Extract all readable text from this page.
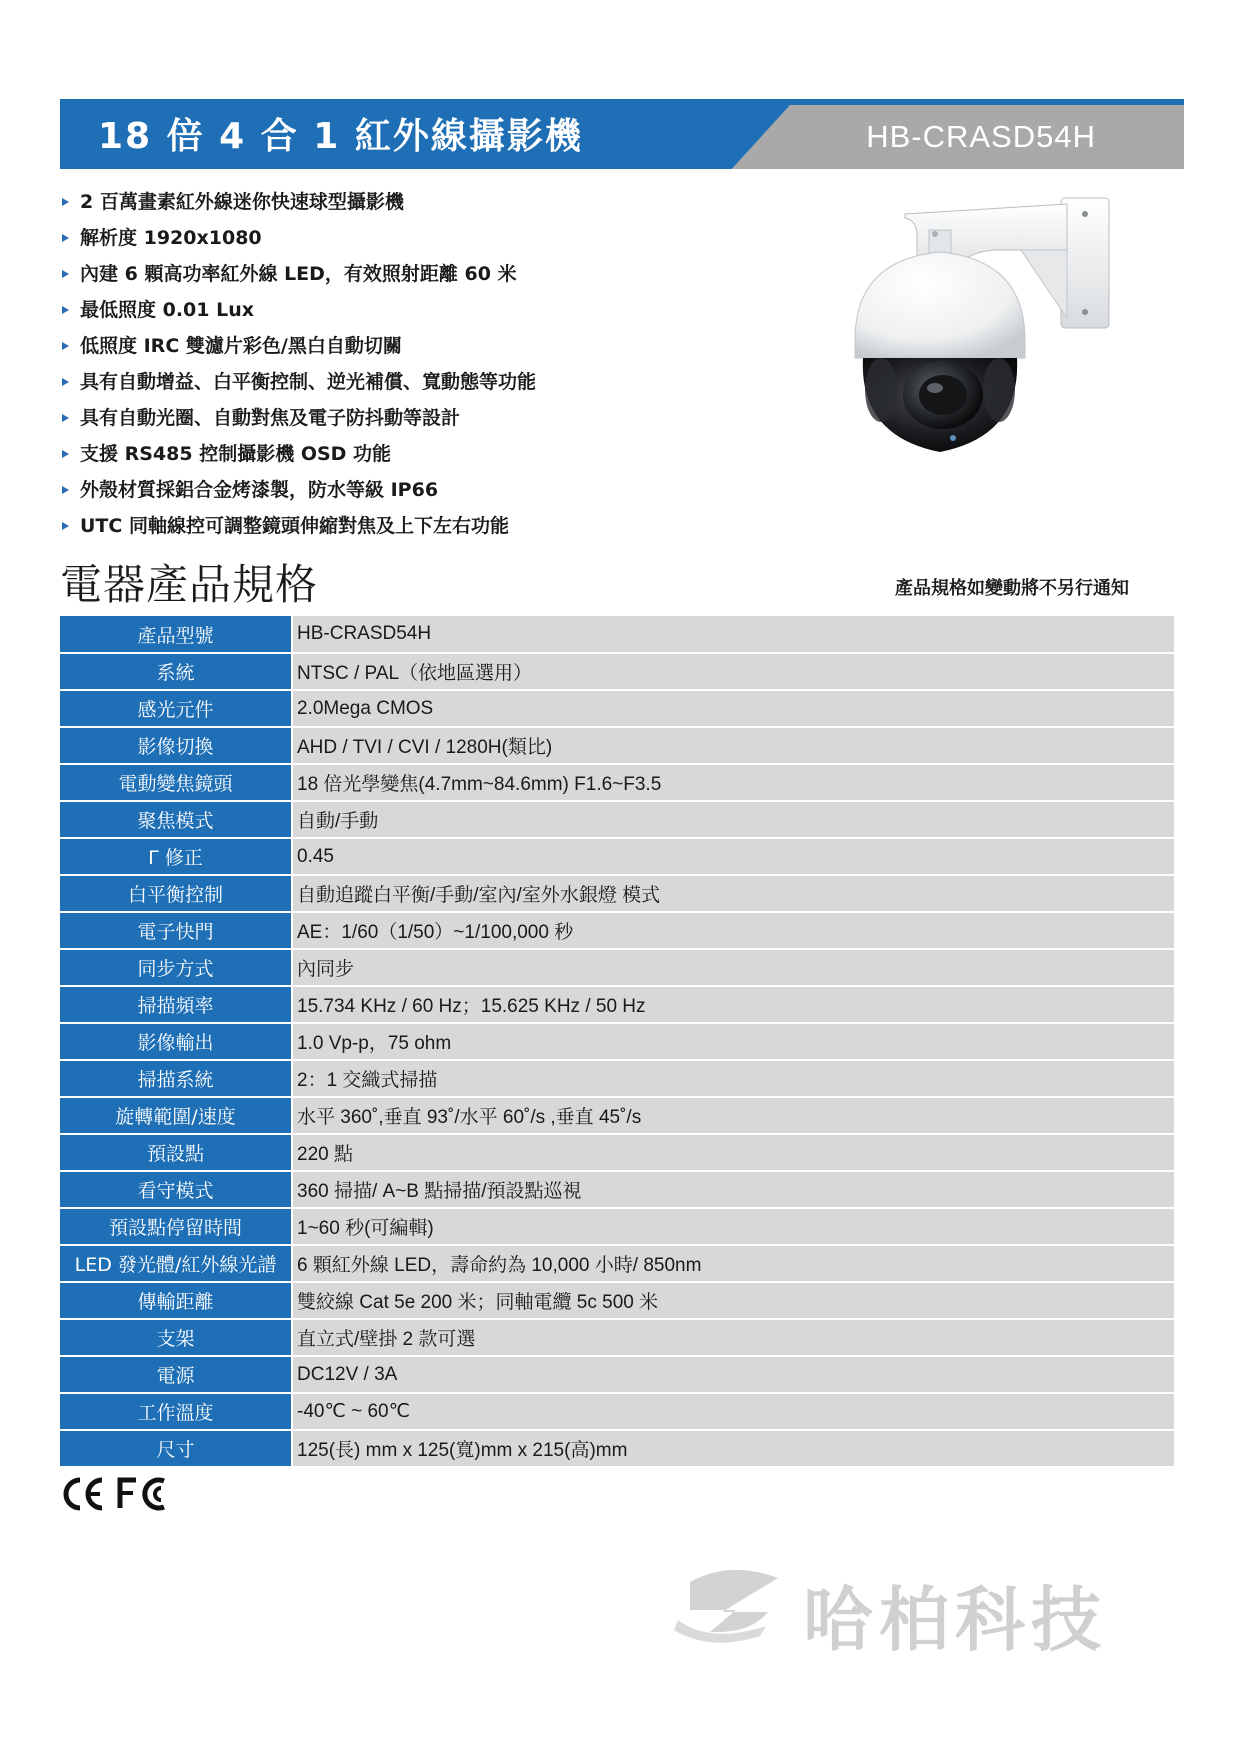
18 倍 4 合 1 紅外線攝影機	HB-CRASD54H
2 百萬畫素紅外線迷你快速球型攝影機
解析度 1920x1080
內建 6 顆高功率紅外線 LED，有效照射距離 60 米
最低照度 0.01 Lux
低照度 IRC 雙濾片彩色/黑白自動切關
具有自動增益、白平衡控制、逆光補償、寬動態等功能
具有自動光圈、自動對焦及電子防抖動等設計
支援 RS485 控制攝影機 OSD 功能
外殼材質採鋁合金烤漆製，防水等級 IP66
UTC 同軸線控可調整鏡頭伸縮對焦及上下左右功能
電器產品規格	產品規格如變動將不另行通知
產品型號	HB-CRASD54H
系統	NTSC / PAL（依地區選用）
感光元件	2.0Mega CMOS
影像切換	AHD / TVI / CVI / 1280H(類比)
電動變焦鏡頭	18 倍光學變焦(4.7mm~84.6mm) F1.6~F3.5
聚焦模式	自動/手動
Γ 修正	0.45
白平衡控制	自動追蹤白平衡/手動/室內/室外水銀燈 模式
電子快門	AE：1/60（1/50）~1/100,000 秒
同步方式	內同步
掃描頻率	15.734 KHz / 60 Hz；15.625 KHz / 50 Hz
影像輸出	1.0 Vp-p，75 ohm
掃描系統	2：1 交織式掃描
旋轉範圍/速度	水平 360˚,垂直 93˚/水平 60˚/s ,垂直 45˚/s
預設點	220 點
看守模式	360 掃描/ A~B 點掃描/預設點巡視
預設點停留時間	1~60 秒(可編輯)
LED 發光體/紅外線光譜	6 顆紅外線 LED，壽命約為 10,000 小時/ 850nm
傳輸距離	雙絞線 Cat 5e 200 米；同軸電纜 5c 500 米
支架	直立式/壁掛 2 款可選
電源	DC12V / 3A
工作溫度	-40℃ ~ 60℃
尺寸	125(長) mm x 125(寬)mm x 215(高)mm
哈柏科技
